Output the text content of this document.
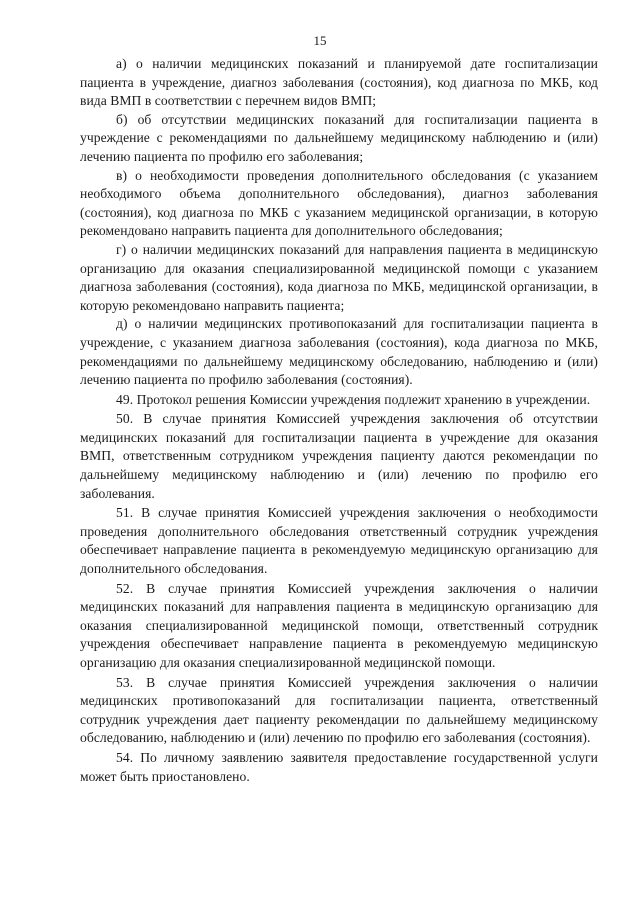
15

а) о наличии медицинских показаний и планируемой дате госпитализации пациента в учреждение, диагноз заболевания (состояния), код диагноза по МКБ, код вида ВМП в соответствии с перечнем видов ВМП;

б) об отсутствии медицинских показаний для госпитализации пациента в учреждение с рекомендациями по дальнейшему медицинскому наблюдению и (или) лечению пациента по профилю его заболевания;

в) о необходимости проведения дополнительного обследования (с указанием необходимого объема дополнительного обследования), диагноз заболевания (состояния), код диагноза по МКБ с указанием медицинской организации, в которую рекомендовано направить пациента для дополнительного обследования;

г) о наличии медицинских показаний для направления пациента в медицинскую организацию для оказания специализированной медицинской помощи с указанием диагноза заболевания (состояния), кода диагноза по МКБ, медицинской организации, в которую рекомендовано направить пациента;

д) о наличии медицинских противопоказаний для госпитализации пациента в учреждение, с указанием диагноза заболевания (состояния), кода диагноза по МКБ, рекомендациями по дальнейшему медицинскому обследованию, наблюдению и (или) лечению пациента по профилю заболевания (состояния).

49. Протокол решения Комиссии учреждения подлежит хранению в учреждении.

50. В случае принятия Комиссией учреждения заключения об отсутствии медицинских показаний для госпитализации пациента в учреждение для оказания ВМП, ответственным сотрудником учреждения пациенту даются рекомендации по дальнейшему медицинскому наблюдению и (или) лечению по профилю его заболевания.

51. В случае принятия Комиссией учреждения заключения о необходимости проведения дополнительного обследования ответственный сотрудник учреждения обеспечивает направление пациента в рекомендуемую медицинскую организацию для дополнительного обследования.

52. В случае принятия Комиссией учреждения заключения о наличии медицинских показаний для направления пациента в медицинскую организацию для оказания специализированной медицинской помощи, ответственный сотрудник учреждения обеспечивает направление пациента в рекомендуемую медицинскую организацию для оказания специализированной медицинской помощи.

53. В случае принятия Комиссией учреждения заключения о наличии медицинских противопоказаний для госпитализации пациента, ответственный сотрудник учреждения дает пациенту рекомендации по дальнейшему медицинскому обследованию, наблюдению и (или) лечению по профилю его заболевания (состояния).

54. По личному заявлению заявителя предоставление государственной услуги может быть приостановлено.
